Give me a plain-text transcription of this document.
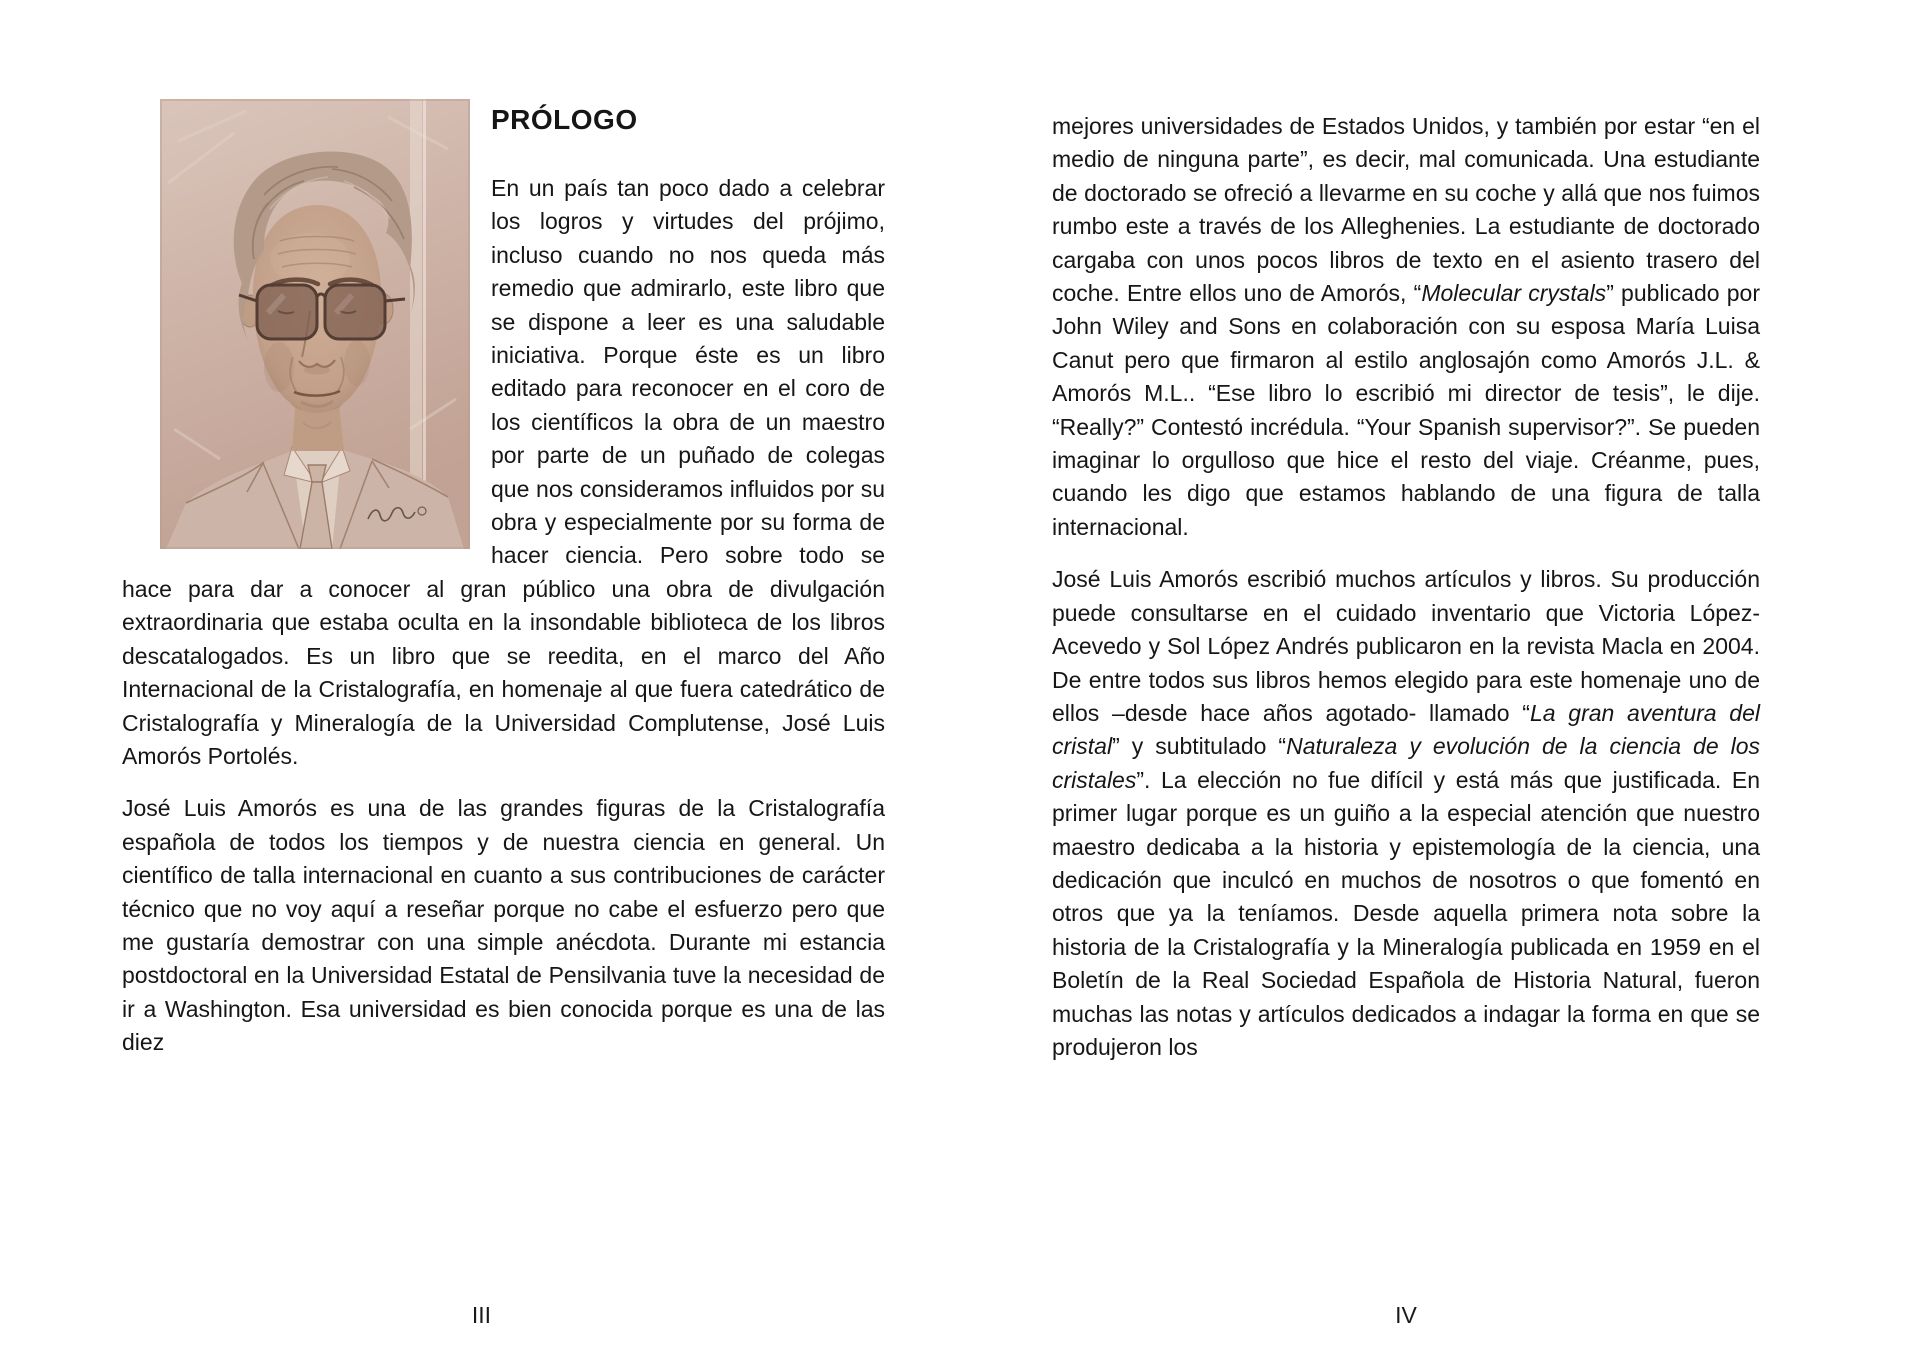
PRÓLOGO

En un país tan poco dado a celebrar los logros y virtudes del prójimo, incluso cuando no nos queda más remedio que admirarlo, este libro que se dispone a leer es una saludable iniciativa. Porque éste es un libro editado para reconocer en el coro de los científicos la obra de un maestro por parte de un puñado de colegas que nos consideramos influidos por su obra y especialmente por su forma de hacer ciencia. Pero sobre todo se hace para dar a conocer al gran público una obra de divulgación extraordinaria que estaba oculta en la insondable biblioteca de los libros descatalogados. Es un libro que se reedita, en el marco del Año Internacional de la Cristalografía, en homenaje al que fuera catedrático de Cristalografía y Mineralogía de la Universidad Complutense, José Luis Amorós Portolés.

José Luis Amorós es una de las grandes figuras de la Cristalografía española de todos los tiempos y de nuestra ciencia en general. Un científico de talla internacional en cuanto a sus contribuciones de carácter técnico que no voy aquí a reseñar porque no cabe el esfuerzo pero que me gustaría demostrar con una simple anécdota. Durante mi estancia postdoctoral en la Universidad Estatal de Pensilvania tuve la necesidad de ir a Washington. Esa universidad es bien conocida porque es una de las diez

mejores universidades de Estados Unidos, y también por estar “en el medio de ninguna parte”, es decir, mal comunicada. Una estudiante de doctorado se ofreció a llevarme en su coche y allá que nos fuimos rumbo este a través de los Alleghenies. La estudiante de doctorado cargaba con unos pocos libros de texto en el asiento trasero del coche. Entre ellos uno de Amorós, “Molecular crystals” publicado por John Wiley and Sons en colaboración con su esposa María Luisa Canut pero que firmaron al estilo anglosajón como Amorós J.L. & Amorós M.L.. “Ese libro lo escribió mi director de tesis”, le dije. “Really?” Contestó incrédula. “Your Spanish supervisor?”. Se pueden imaginar lo orgulloso que hice el resto del viaje. Créanme, pues, cuando les digo que estamos hablando de una figura de talla internacional.

José Luis Amorós escribió muchos artículos y libros. Su producción puede consultarse en el cuidado inventario que Victoria López-Acevedo y Sol López Andrés publicaron en la revista Macla en 2004. De entre todos sus libros hemos elegido para este homenaje uno de ellos –desde hace años agotado- llamado “La gran aventura del cristal” y subtitulado “Naturaleza y evolución de la ciencia de los cristales”. La elección no fue difícil y está más que justificada. En primer lugar porque es un guiño a la especial atención que nuestro maestro dedicaba a la historia y epistemología de la ciencia, una dedicación que inculcó en muchos de nosotros o que fomentó en otros que ya la teníamos. Desde aquella primera nota sobre la historia de la Cristalografía y la Mineralogía publicada en 1959 en el Boletín de la Real Sociedad Española de Historia Natural, fueron muchas las notas y artículos dedicados a indagar la forma en que se produjeron los

III	IV
